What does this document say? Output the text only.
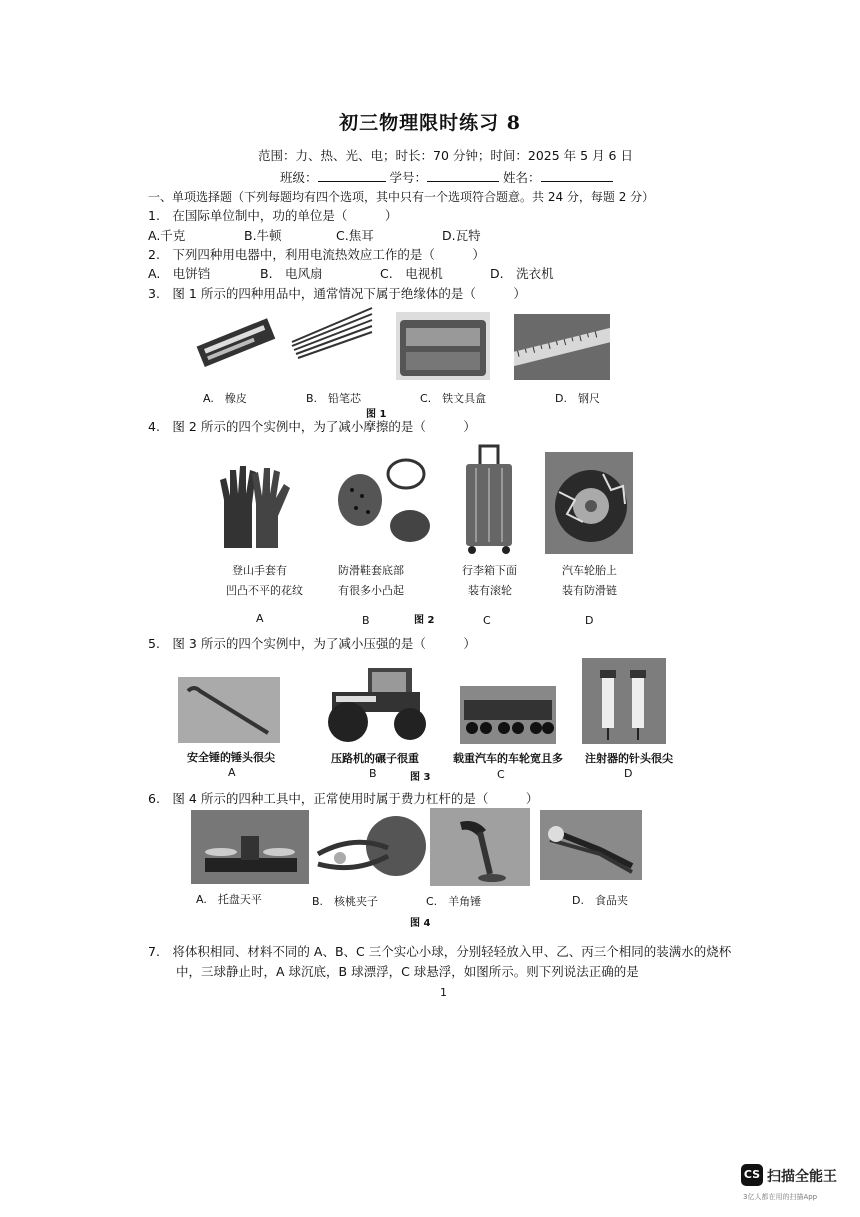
初三物理限时练习 8
范围：力、热、光、电；时长：70 分钟；时间：2025 年 5 月 6 日
班级：	学号：	姓名：
一、单项选择题（下列每题均有四个选项，其中只有一个选项符合题意。共 24 分，每题 2 分）
1.　在国际单位制中，功的单位是（　　　）
A.千克	B.牛顿	C.焦耳	D.瓦特
2.　下列四种用电器中，利用电流热效应工作的是（　　　）
A.　电饼铛	B.　电风扇	C.　电视机	D.　洗衣机
3.　图 1 所示的四种用品中，通常情况下属于绝缘体的是（　　　）
A.　橡皮	B.　铅笔芯	C.　铁文具盒	D.　钢尺
图 1
4.　图 2 所示的四个实例中，为了减小摩擦的是（　　　）
登山手套有
凹凸不平的花纹
防滑鞋套底部
有很多小凸起
行李箱下面
装有滚轮
汽车轮胎上
装有防滑链
A	B	图 2	C	D
5.　图 3 所示的四个实例中，为了减小压强的是（　　　）
安全锤的锤头很尖	压路机的碾子很重	载重汽车的车轮宽且多 注射器的针头很尖
A	B	图 3	C	D
6.　图 4 所示的四种工具中，正常使用时属于费力杠杆的是（　　　）
A.　托盘天平	B.　核桃夹子	C.　羊角锤	D.　食品夹
图 4
7.　将体积相同、材料不同的 A、B、C 三个实心小球，分别轻轻放入甲、乙、丙三个相同的装满水的烧杯
中，三球静止时，A 球沉底，B 球漂浮，C 球悬浮，如图所示。则下列说法正确的是
1
CS 扫描全能王
3亿人都在用的扫描App
